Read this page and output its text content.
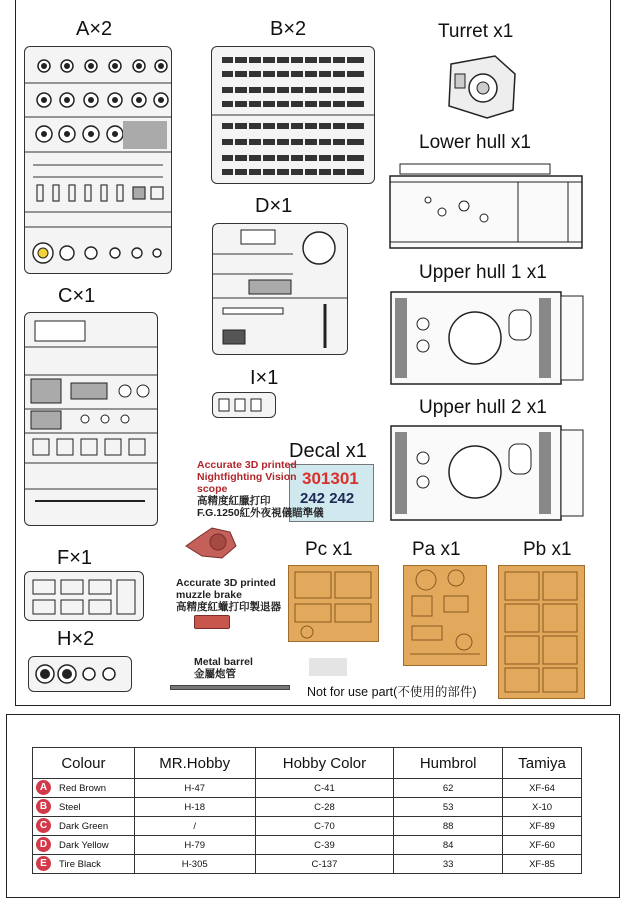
A×2	B×2	Turret x1
Lower hull x1
Upper hull 1 x1
Upper hull 2 x1
D×1
C×1
I×1
Decal x1
301301
242 242
Accurate 3D printed
Nightfighting Vision
scope
高精度紅臘打印
F.G.1250紅外夜視儀瞄準儀
Accurate 3D printed
muzzle brake
高精度紅蠟打印製退器
Metal barrel
金屬炮管
Pc x1	Pa x1	Pb x1
F×1
H×2
Not for use part(不使用的部件)
Colour	MR.Hobby	Hobby Color	Humbrol	Tamiya

A Red Brown	H-47	C-41	62	XF-64

B Steel	H-18	C-28	53	X-10

C Dark Green	/	C-70	88	XF-89

D Dark Yellow	H-79	C-39	84	XF-60

E Tire Black	H-305	C-137	33	XF-85
